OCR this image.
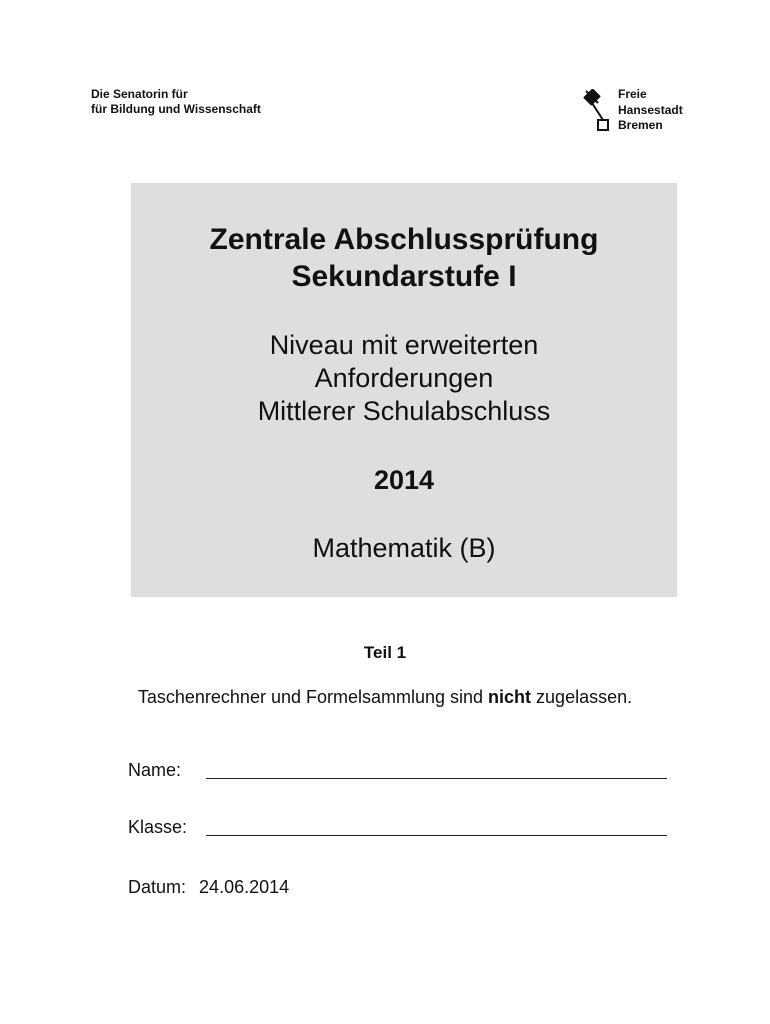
Die Senatorin für
für Bildung und Wissenschaft
Freie
Hansestadt
Bremen
Zentrale Abschlussprüfung
Sekundarstufe I
Niveau mit erweiterten
Anforderungen
Mittlerer Schulabschluss
2014
Mathematik (B)
Teil 1
Taschenrechner und Formelsammlung sind nicht zugelassen.
Name:
Klasse:
Datum: 24.06.2014
